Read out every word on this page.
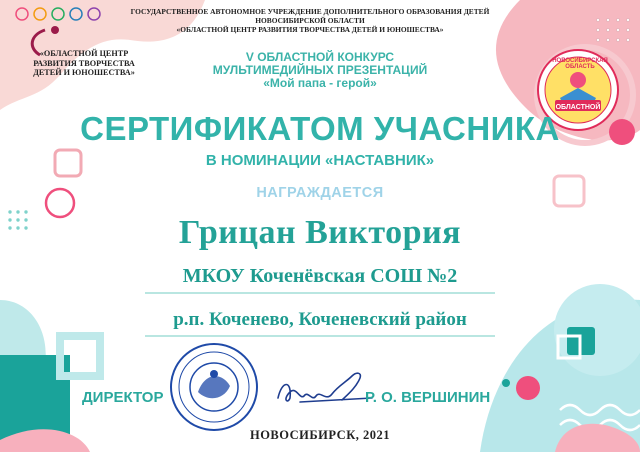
ОБЛАСТНОЙ
ГОСУДАРСТВЕННОЕ АВТОНОМНОЕ УЧРЕЖДЕНИЕ ДОПОЛНИТЕЛЬНОГО ОБРАЗОВАНИЯ ДЕТЕЙ
НОВОСИБИРСКОЙ ОБЛАСТИ
«ОБЛАСТНОЙ ЦЕНТР РАЗВИТИЯ ТВОРЧЕСТВА ДЕТЕЙ И ЮНОШЕСТВА»
«ОБЛАСТНОЙ ЦЕНТР
РАЗВИТИЯ ТВОРЧЕСТВА
ДЕТЕЙ И ЮНОШЕСТВА»
НОВОСИБИРСКАЯ ОБЛАСТЬ
V ОБЛАСТНОЙ КОНКУРС
МУЛЬТИМЕДИЙНЫХ ПРЕЗЕНТАЦИЙ
«Мой папа - герой»
СЕРТИФИКАТОМ УЧАСНИКА
В НОМИНАЦИИ «НАСТАВНИК»
НАГРАЖДАЕТСЯ
Грицан Виктория
МКОУ Коченёвская СОШ №2
р.п. Коченево, Коченевский район
ДИРЕКТОР	Р. О. ВЕРШИНИН
НОВОСИБИРСК, 2021
